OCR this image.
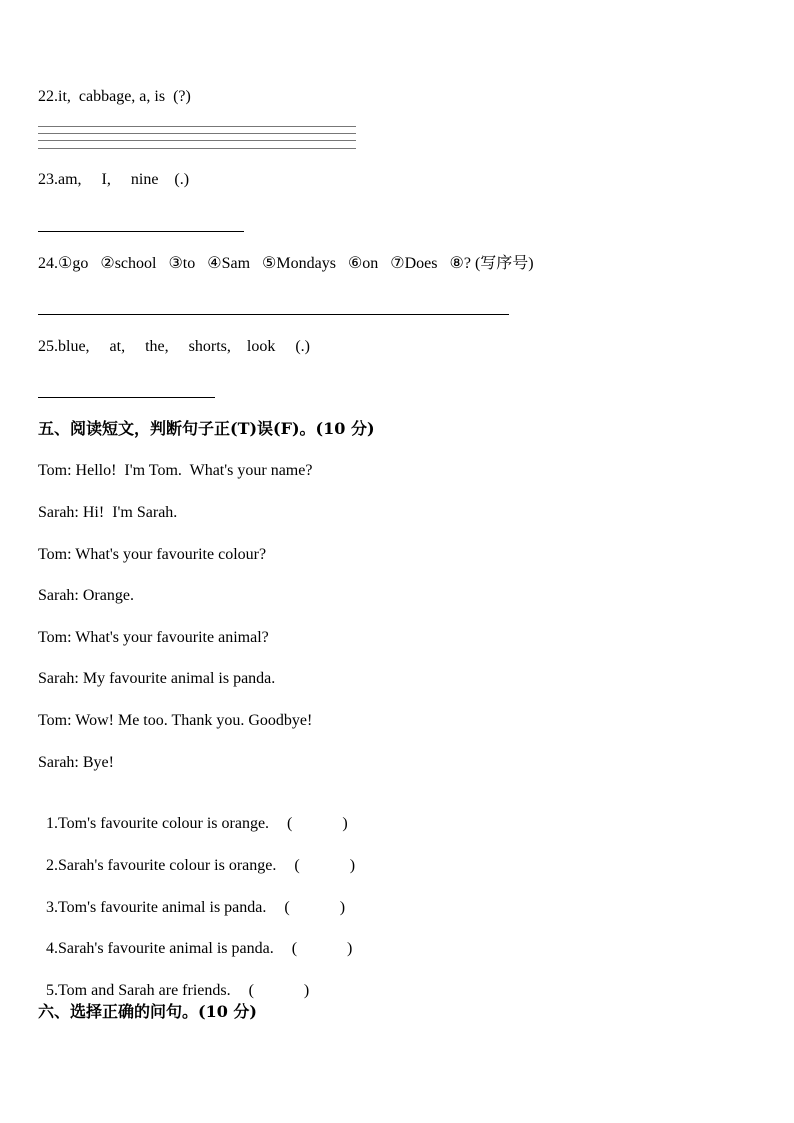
22.it,  cabbage, a, is  (?)
23.am,     I,     nine    (.)
24.①go   ②school   ③to   ④Sam   ⑤Mondays   ⑥on   ⑦Does   ⑧? (写序号)
25.blue,     at,     the,     shorts,    look     (.)
五、阅读短文，判断句子正(T)误(F)。(10 分)
Tom: Hello!  I'm Tom.  What's your name?
Sarah: Hi!  I'm Sarah.
Tom: What's your favourite colour?
Sarah: Orange.
Tom: What's your favourite animal?
Sarah: My favourite animal is panda.
Tom: Wow! Me too. Thank you. Goodbye!
Sarah: Bye!

1.Tom's favourite colour is orange. (	)

2.Sarah's favourite colour is orange. (	)

3.Tom's favourite animal is panda. (	)

4.Sarah's favourite animal is panda. (	)

5.Tom and Sarah are friends. (	)

六、选择正确的问句。(10 分)
